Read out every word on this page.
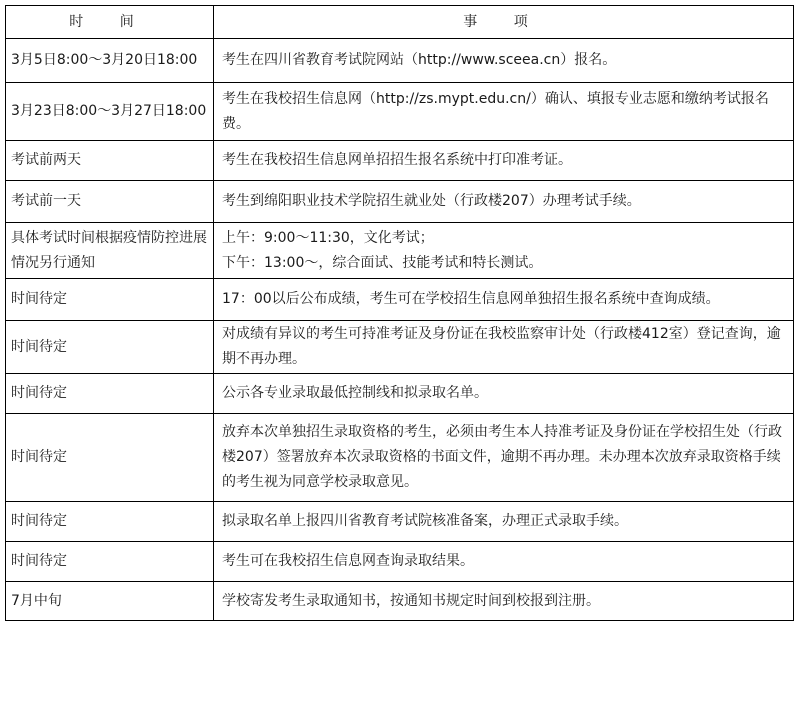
时 间	事 项
3月5日8:00～3月20日18:00	考生在四川省教育考试院网站（http://www.sceea.cn）报名。
3月23日8:00～3月27日18:00	考生在我校招生信息网（http://zs.mypt.edu.cn/）确认、填报专业志愿和缴纳考试报名费。
考试前两天	考生在我校招生信息网单招招生报名系统中打印准考证。
考试前一天	考生到绵阳职业技术学院招生就业处（行政楼207）办理考试手续。
具体考试时间根据疫情防控进展情况另行通知	上午：9:00～11:30，文化考试；
下午：13:00～，综合面试、技能考试和特长测试。

时间待定	17：00以后公布成绩，考生可在学校招生信息网单独招生报名系统中查询成绩。
时间待定	对成绩有异议的考生可持准考证及身份证在我校监察审计处（行政楼412室）登记查询，逾期不再办理。
时间待定	公示各专业录取最低控制线和拟录取名单。
时间待定	放弃本次单独招生录取资格的考生，必须由考生本人持准考证及身份证在学校招生处（行政楼207）签署放弃本次录取资格的书面文件，逾期不再办理。未办理本次放弃录取资格手续的考生视为同意学校录取意见。
时间待定	拟录取名单上报四川省教育考试院核准备案，办理正式录取手续。
时间待定	考生可在我校招生信息网查询录取结果。
7月中旬	学校寄发考生录取通知书，按通知书规定时间到校报到注册。
